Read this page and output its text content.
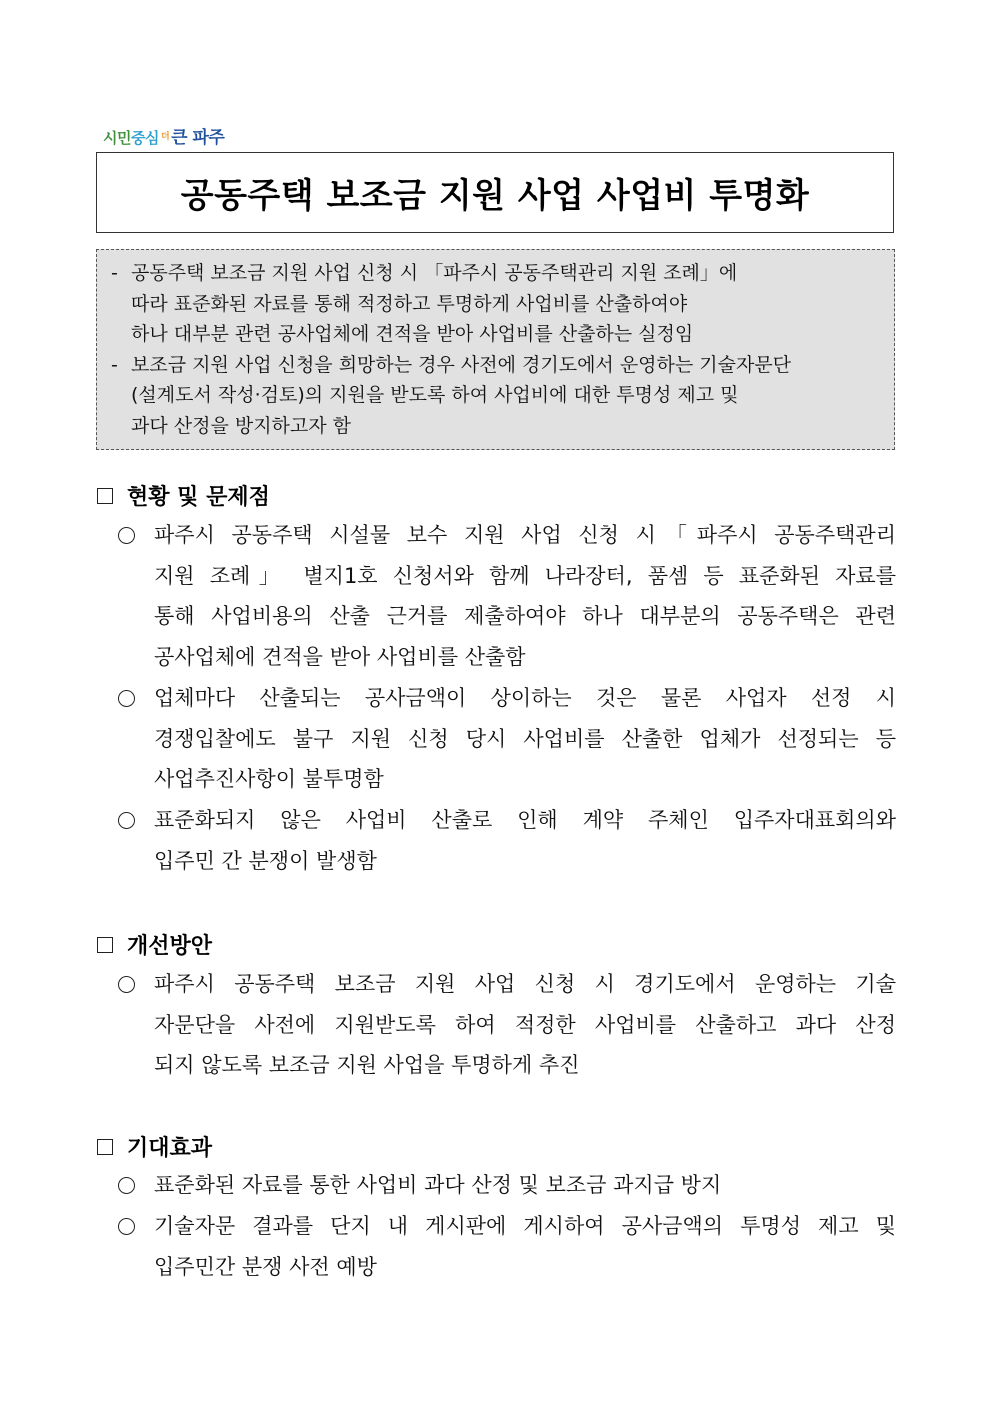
시민 중심 더 큰 파주
공동주택 보조금 지원 사업 사업비 투명화
- 공동주택 보조금 지원 사업 신청 시 「파주시 공동주택관리 지원 조례」에
따라 표준화된 자료를 통해 적정하고 투명하게 사업비를 산출하여야
하나 대부분 관련 공사업체에 견적을 받아 사업비를 산출하는 실정임
- 보조금 지원 사업 신청을 희망하는 경우 사전에 경기도에서 운영하는 기술자문단
(설계도서 작성·검토)의 지원을 받도록 하여 사업비에 대한 투명성 제고 및
과다 산정을 방지하고자 함
현황 및 문제점
파주시 공동주택 시설물 보수 지원 사업 신청 시「파주시 공동주택관리
지원 조례」 별지1호 신청서와 함께 나라장터, 품셈 등 표준화된 자료를
통해 사업비용의 산출 근거를 제출하여야 하나 대부분의 공동주택은 관련
공사업체에 견적을 받아 사업비를 산출함
업체마다 산출되는 공사금액이 상이하는 것은 물론 사업자 선정 시
경쟁입찰에도 불구 지원 신청 당시 사업비를 산출한 업체가 선정되는 등
사업추진사항이 불투명함
표준화되지 않은 사업비 산출로 인해 계약 주체인 입주자대표회의와
입주민 간 분쟁이 발생함
개선방안
파주시 공동주택 보조금 지원 사업 신청 시 경기도에서 운영하는 기술
자문단을 사전에 지원받도록 하여 적정한 사업비를 산출하고 과다 산정
되지 않도록 보조금 지원 사업을 투명하게 추진
기대효과
표준화된 자료를 통한 사업비 과다 산정 및 보조금 과지급 방지
기술자문 결과를 단지 내 게시판에 게시하여 공사금액의 투명성 제고 및
입주민간 분쟁 사전 예방
